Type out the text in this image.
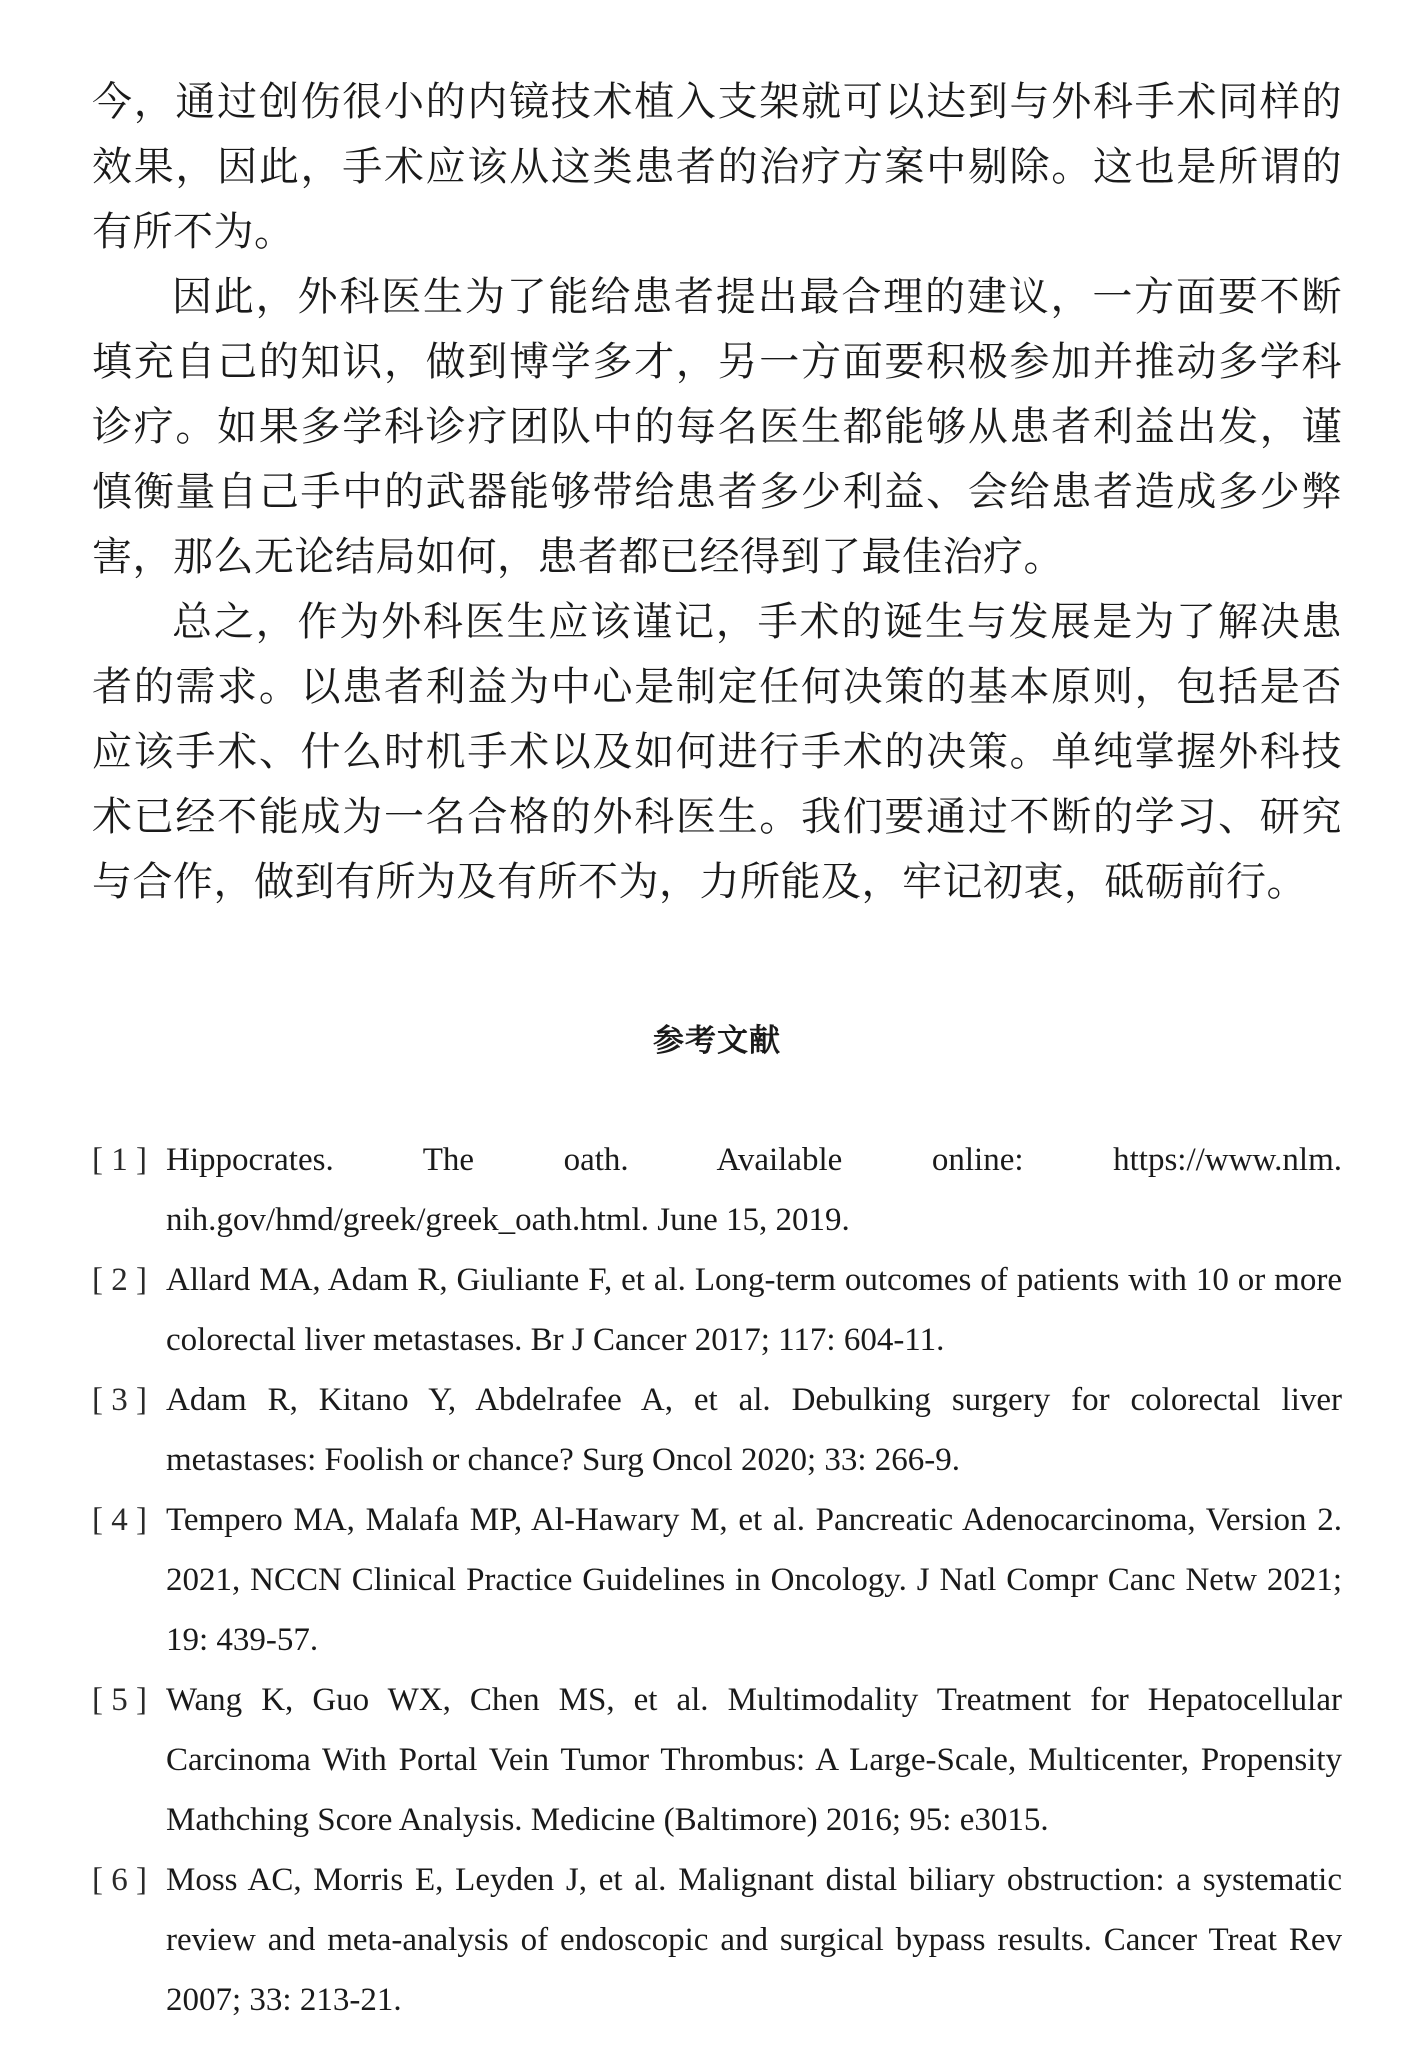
今，通过创伤很小的内镜技术植入支架就可以达到与外科手术同样的效果，因此，手术应该从这类患者的治疗方案中剔除。这也是所谓的有所不为。

因此，外科医生为了能给患者提出最合理的建议，一方面要不断填充自己的知识，做到博学多才，另一方面要积极参加并推动多学科诊疗。如果多学科诊疗团队中的每名医生都能够从患者利益出发，谨慎衡量自己手中的武器能够带给患者多少利益、会给患者造成多少弊害，那么无论结局如何，患者都已经得到了最佳治疗。

总之，作为外科医生应该谨记，手术的诞生与发展是为了解决患者的需求。以患者利益为中心是制定任何决策的基本原则，包括是否应该手术、什么时机手术以及如何进行手术的决策。单纯掌握外科技术已经不能成为一名合格的外科医生。我们要通过不断的学习、研究与合作，做到有所为及有所不为，力所能及，牢记初衷，砥砺前行。

参考文献
[ 1 ] Hippocrates. The oath. Available online: https://www.nlm. nih.gov/hmd/greek/greek_oath.html. June 15, 2019.
[ 2 ] Allard MA, Adam R, Giuliante F, et al. Long-term outcomes of patients with 10 or more colorectal liver metastases. Br J Cancer 2017; 117: 604-11.
[ 3 ] Adam R, Kitano Y, Abdelrafee A, et al. Debulking surgery for colorectal liver metastases: Foolish or chance? Surg Oncol 2020; 33: 266-9.
[ 4 ] Tempero MA, Malafa MP, Al-Hawary M, et al. Pancreatic Adenocarcinoma, Version 2. 2021, NCCN Clinical Practice Guidelines in Oncology. J Natl Compr Canc Netw 2021; 19: 439-57.
[ 5 ] Wang K, Guo WX, Chen MS, et al. Multimodality Treatment for Hepatocellular Carcinoma With Portal Vein Tumor Thrombus: A Large-Scale, Multicenter, Propensity Mathching Score Analysis. Medicine (Baltimore) 2016; 95: e3015.
[ 6 ] Moss AC, Morris E, Leyden J, et al. Malignant distal biliary obstruction: a systematic review and meta-analysis of endoscopic and surgical bypass results. Cancer Treat Rev 2007; 33: 213-21.
